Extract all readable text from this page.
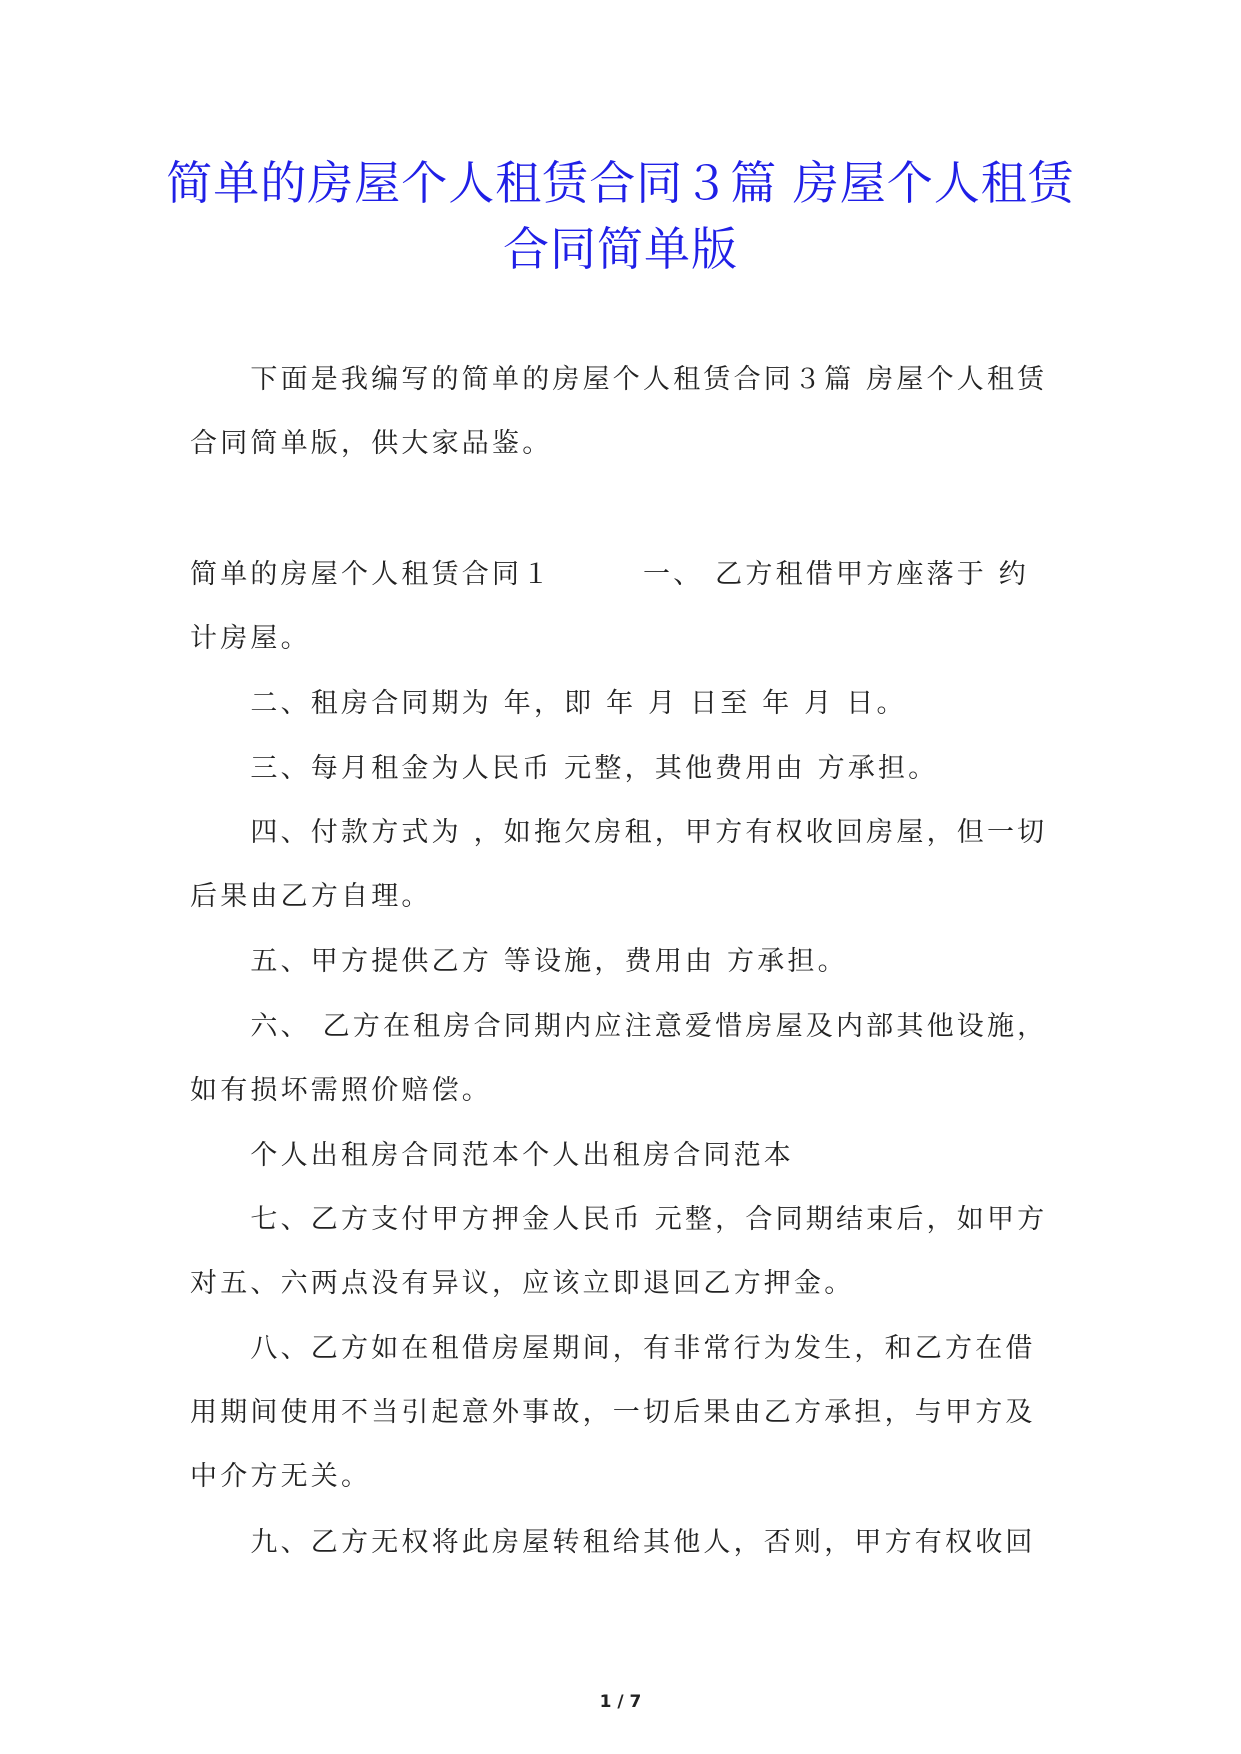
简单的房屋个人租赁合同３篇 房屋个人租赁合同简单版

　　下面是我编写的简单的房屋个人租赁合同３篇 房屋个人租赁合同简单版，供大家品鉴。

简单的房屋个人租赁合同１　　　一、 乙方租借甲方座落于 约计房屋。

　　二、租房合同期为 年，即 年 月 日至 年 月 日。

　　三、每月租金为人民币 元整，其他费用由 方承担。

　　四、付款方式为 ，如拖欠房租，甲方有权收回房屋，但一切后果由乙方自理。

　　五、甲方提供乙方 等设施，费用由 方承担。

　　六、 乙方在租房合同期内应注意爱惜房屋及内部其他设施，如有损坏需照价赔偿。

　　个人出租房合同范本个人出租房合同范本

　　七、乙方支付甲方押金人民币 元整，合同期结束后，如甲方对五、六两点没有异议，应该立即退回乙方押金。

　　八、乙方如在租借房屋期间，有非常行为发生，和乙方在借用期间使用不当引起意外事故，一切后果由乙方承担，与甲方及中介方无关。

　　九、乙方无权将此房屋转租给其他人，否则，甲方有权收回

1 / 7
